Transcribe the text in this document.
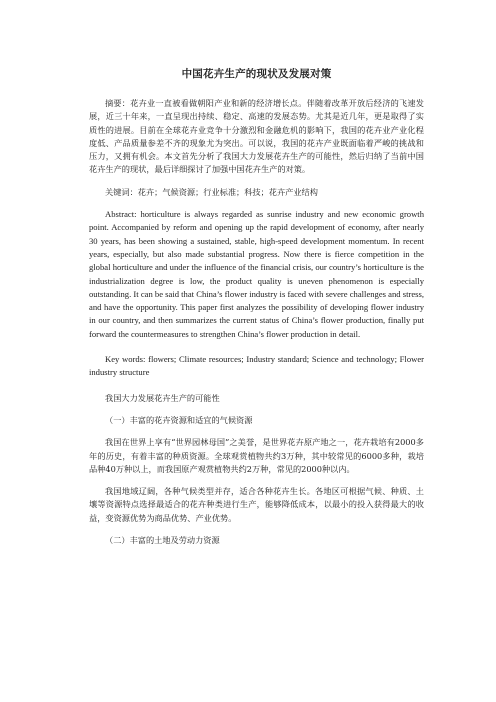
中国花卉生产的现状及发展对策

摘要：花卉业一直被看做朝阳产业和新的经济增长点。伴随着改革开放后经济的飞速发展，近三十年来，一直呈现出持续、稳定、高速的发展态势。尤其是近几年，更是取得了实质性的进展。目前在全球花卉业竞争十分激烈和金融危机的影响下，我国的花卉业产业化程度低、产品质量参差不齐的现象尤为突出。可以说，我国的花卉产业既面临着严峻的挑战和压力，又拥有机会。本文首先分析了我国大力发展花卉生产的可能性，然后归纳了当前中国花卉生产的现状，最后详细探讨了加强中国花卉生产的对策。

关键词：花卉；气候资源；行业标准；科技；花卉产业结构

Abstract: horticulture is always regarded as sunrise industry and new economic growth point. Accompanied by reform and opening up the rapid development of economy, after nearly 30 years, has been showing a sustained, stable, high-speed development momentum. In recent years, especially, but also made substantial progress. Now there is fierce competition in the global horticulture and under the influence of the financial crisis, our country’s horticulture is the industrialization degree is low, the product quality is uneven phenomenon is especially outstanding. It can be said that China’s flower industry is faced with severe challenges and stress, and have the opportunity. This paper first analyzes the possibility of developing flower industry in our country, and then summarizes the current status of China’s flower production, finally put forward the countermeasures to strengthen China’s flower production in detail.

Key words: flowers; Climate resources; Industry standard; Science and technology; Flower industry structure

我国大力发展花卉生产的可能性

（一）丰富的花卉资源和适宜的气候资源

我国在世界上享有“世界园林母国”之美誉，是世界花卉原产地之一，花卉栽培有2000多年的历史，有着丰富的种质资源。全球观赏植物共约3万种，其中较常见的6000多种，栽培品种40万种以上，而我国原产观赏植物共约2万种，常见的2000种以内。

我国地域辽阔，各种气候类型并存，适合各种花卉生长。各地区可根据气候、种质、土壤等资源特点选择最适合的花卉种类进行生产，能够降低成本，以最小的投入获得最大的收益，变资源优势为商品优势、产业优势。

（二）丰富的土地及劳动力资源
